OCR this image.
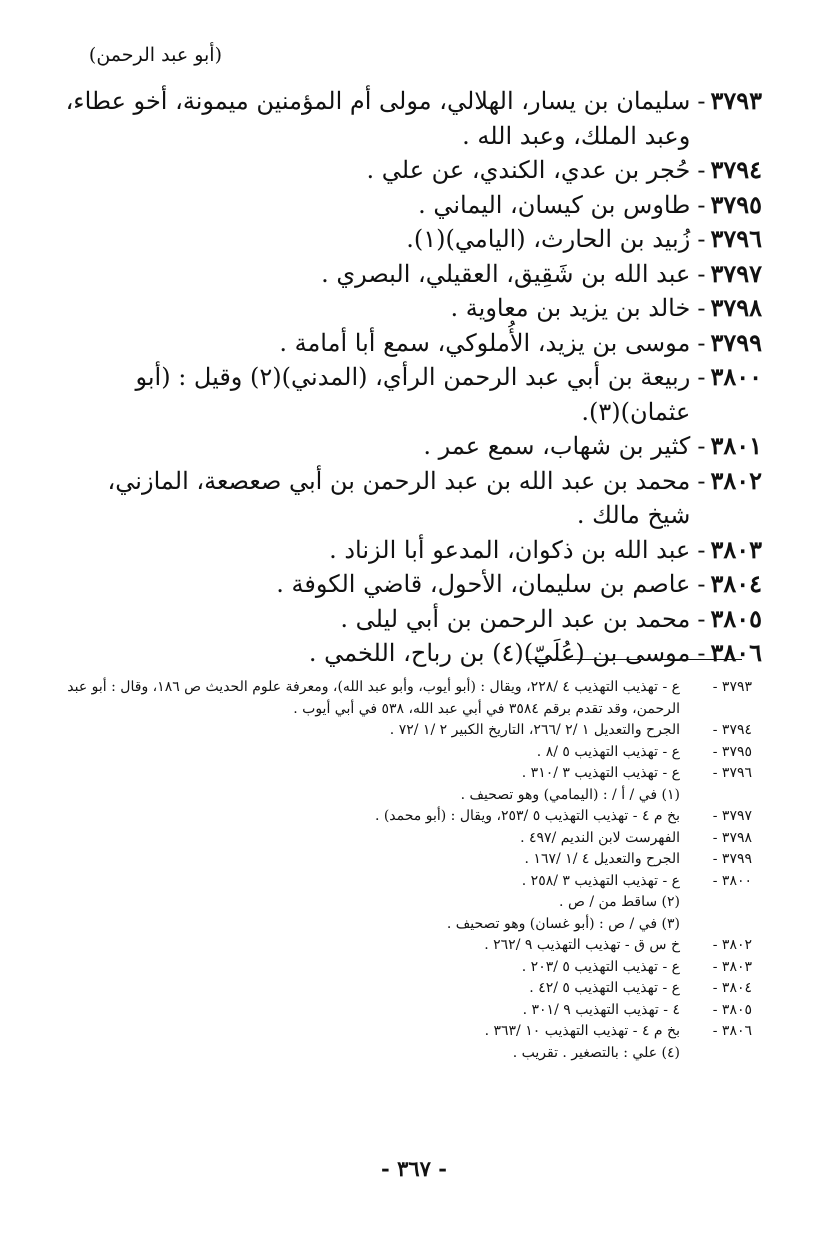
(أبو عبد الرحمن)
٣٧٩٣
-
سليمان بن يسار، الهلالي، مولى أم المؤمنين ميمونة، أخو عطاء، وعبد الملك، وعبد الله .
٣٧٩٤
-
حُجر بن عدي، الكندي، عن علي .
٣٧٩٥
-
طاوس بن كيسان، اليماني .
٣٧٩٦
-
زُبيد بن الحارث، (اليامي)(١).
٣٧٩٧
-
عبد الله بن شَقِيق، العقيلي، البصري .
٣٧٩٨
-
خالد بن يزيد بن معاوية .
٣٧٩٩
-
موسى بن يزيد، الأُملوكي، سمع أبا أمامة .
٣٨٠٠
-
ربيعة بن أبي عبد الرحمن الرأي، (المدني)(٢) وقيل : (أبو عثمان)(٣).
٣٨٠١
-
كثير بن شهاب، سمع عمر .
٣٨٠٢
-
محمد بن عبد الله بن عبد الرحمن بن أبي صعصعة، المازني، شيخ مالك .
٣٨٠٣
-
عبد الله بن ذكوان، المدعو أبا الزناد .
٣٨٠٤
-
عاصم بن سليمان، الأحول، قاضي الكوفة .
٣٨٠٥
-
محمد بن عبد الرحمن بن أبي ليلى .
٣٨٠٦
-
موسى بن (عُلَيّ)(٤) بن رباح، اللخمي .
٣٧٩٣ -
ع - تهذيب التهذيب ٤ /٢٢٨، ويقال : (أبو أيوب، وأبو عبد الله)، ومعرفة علوم الحديث ص ١٨٦، وقال : أبو عبد الرحمن، وقد تقدم برقم ٣٥٨٤ في أبي عبد الله، ٥٣٨ في أبي أيوب .
٣٧٩٤ -
الجرح والتعديل ١ /٢ /٢٦٦، التاريخ الكبير ٢ /١ /٧٢ .
٣٧٩٥ -
ع - تهذيب التهذيب ٥ /٨ .
٣٧٩٦ -
ع - تهذيب التهذيب ٣ /٣١٠ .
(١) في / أ / : (اليمامي) وهو تصحيف .
٣٧٩٧ -
بخ م ٤ - تهذيب التهذيب ٥ /٢٥٣، ويقال : (أبو محمد) .
٣٧٩٨ -
الفهرست لابن النديم /٤٩٧ .
٣٧٩٩ -
الجرح والتعديل ٤ /١ /١٦٧ .
٣٨٠٠ -
ع - تهذيب التهذيب ٣ /٢٥٨ .
(٢) ساقط من / ص .
(٣) في / ص : (أبو غسان) وهو تصحيف .
٣٨٠٢ -
خ س ق - تهذيب التهذيب ٩ /٢٦٢ .
٣٨٠٣ -
ع - تهذيب التهذيب ٥ /٢٠٣ .
٣٨٠٤ -
ع - تهذيب التهذيب ٥ /٤٢ .
٣٨٠٥ -
٤ - تهذيب التهذيب ٩ /٣٠١ .
٣٨٠٦ -
بخ م ٤ - تهذيب التهذيب ١٠ /٣٦٣ .
(٤) علي : بالتصغير . تقريب .
- ٣٦٧ -
